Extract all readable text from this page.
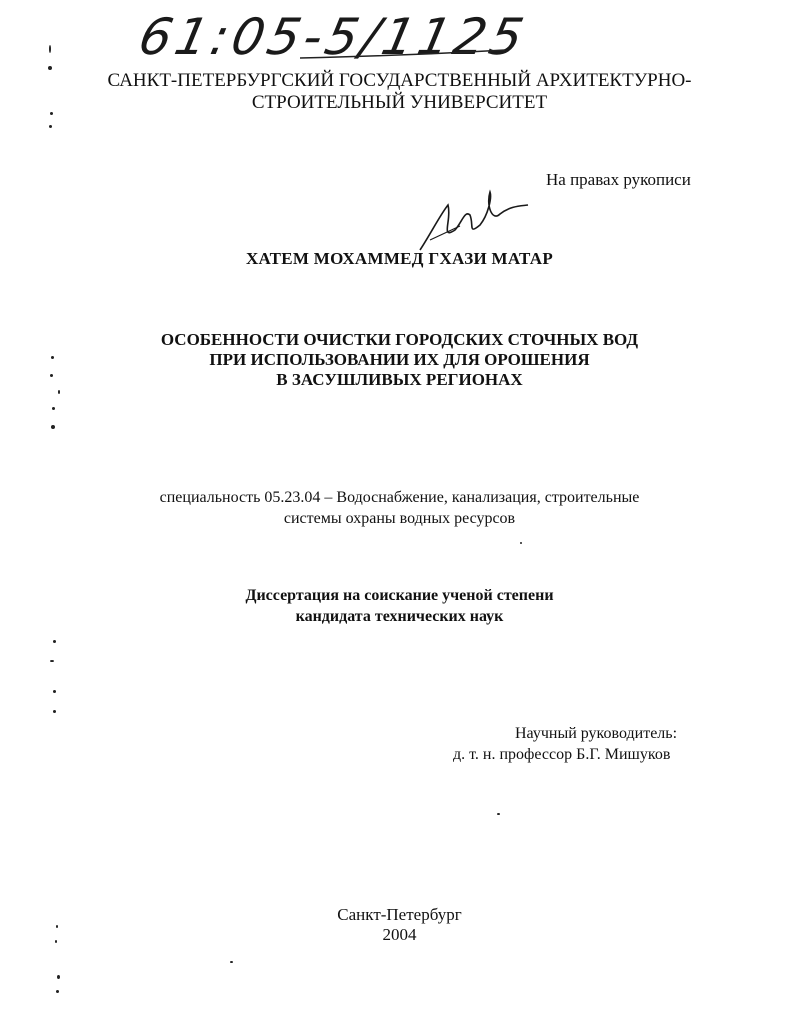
61:05-5/1125
САНКТ-ПЕТЕРБУРГСКИЙ ГОСУДАРСТВЕННЫЙ АРХИТЕКТУРНО-
СТРОИТЕЛЬНЫЙ УНИВЕРСИТЕТ
На правах рукописи
ХАТЕМ МОХАММЕД ГХАЗИ МАТАР
ОСОБЕННОСТИ ОЧИСТКИ ГОРОДСКИХ СТОЧНЫХ ВОД
ПРИ ИСПОЛЬЗОВАНИИ ИХ ДЛЯ ОРОШЕНИЯ
В ЗАСУШЛИВЫХ РЕГИОНАХ
специальность 05.23.04 – Водоснабжение, канализация, строительные
системы охраны водных ресурсов
Диссертация на соискание ученой степени
кандидата технических наук
Научный руководитель:
д. т. н. профессор Б.Г. Мишуков
Санкт-Петербург
2004
